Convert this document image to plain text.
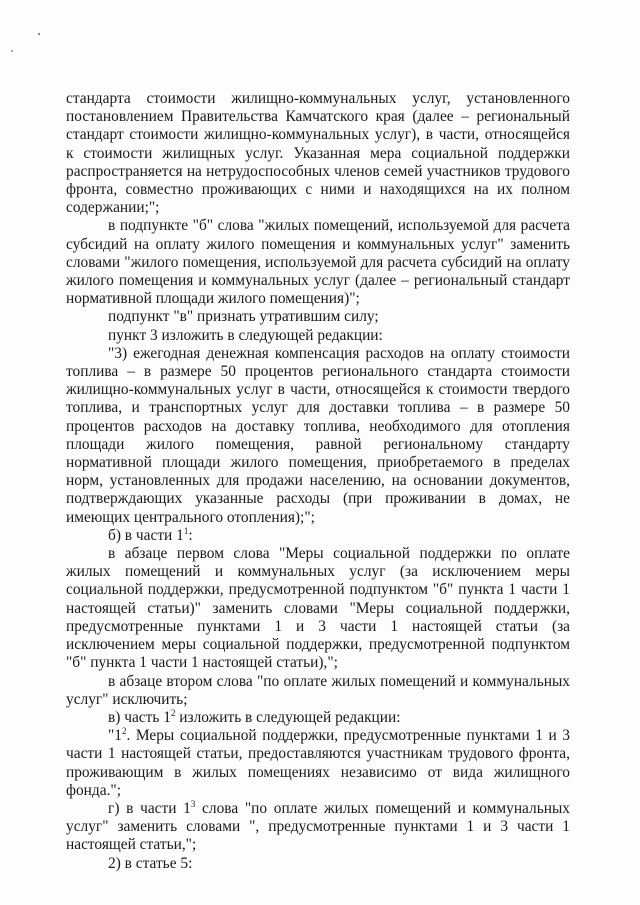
стандарта стоимости жилищно-коммунальных услуг, установленного постановлением Правительства Камчатского края (далее – региональный стандарт стоимости жилищно-коммунальных услуг), в части, относящейся к стоимости жилищных услуг. Указанная мера социальной поддержки распространяется на нетрудоспособных членов семей участников трудового фронта, совместно проживающих с ними и находящихся на их полном содержании;";

в подпункте "б" слова "жилых помещений, используемой для расчета субсидий на оплату жилого помещения и коммунальных услуг" заменить словами "жилого помещения, используемой для расчета субсидий на оплату жилого помещения и коммунальных услуг (далее – региональный стандарт нормативной площади жилого помещения)";

подпункт "в" признать утратившим силу;

пункт 3 изложить в следующей редакции:

"3) ежегодная денежная компенсация расходов на оплату стоимости топлива – в размере 50 процентов регионального стандарта стоимости жилищно-коммунальных услуг в части, относящейся к стоимости твердого топлива, и транспортных услуг для доставки топлива – в размере 50 процентов расходов на доставку топлива, необходимого для отопления площади жилого помещения, равной региональному стандарту нормативной площади жилого помещения, приобретаемого в пределах норм, установленных для продажи населению, на основании документов, подтверждающих указанные расходы (при проживании в домах, не имеющих центрального отопления);";

б) в части $1^1$:

в абзаце первом слова "Меры социальной поддержки по оплате жилых помещений и коммунальных услуг (за исключением меры социальной поддержки, предусмотренной подпунктом "б" пункта 1 части 1 настоящей статьи)" заменить словами "Меры социальной поддержки, предусмотренные пунктами 1 и 3 части 1 настоящей статьи (за исключением меры социальной поддержки, предусмотренной подпунктом "б" пункта 1 части 1 настоящей статьи),";

в абзаце втором слова "по оплате жилых помещений и коммунальных услуг" исключить;

в) часть $1^2$ изложить в следующей редакции:

"$1^2$. Меры социальной поддержки, предусмотренные пунктами 1 и 3 части 1 настоящей статьи, предоставляются участникам трудового фронта, проживающим в жилых помещениях независимо от вида жилищного фонда.";

г) в части $1^3$ слова "по оплате жилых помещений и коммунальных услуг" заменить словами ", предусмотренные пунктами 1 и 3 части 1 настоящей статьи,";

2) в статье 5:
